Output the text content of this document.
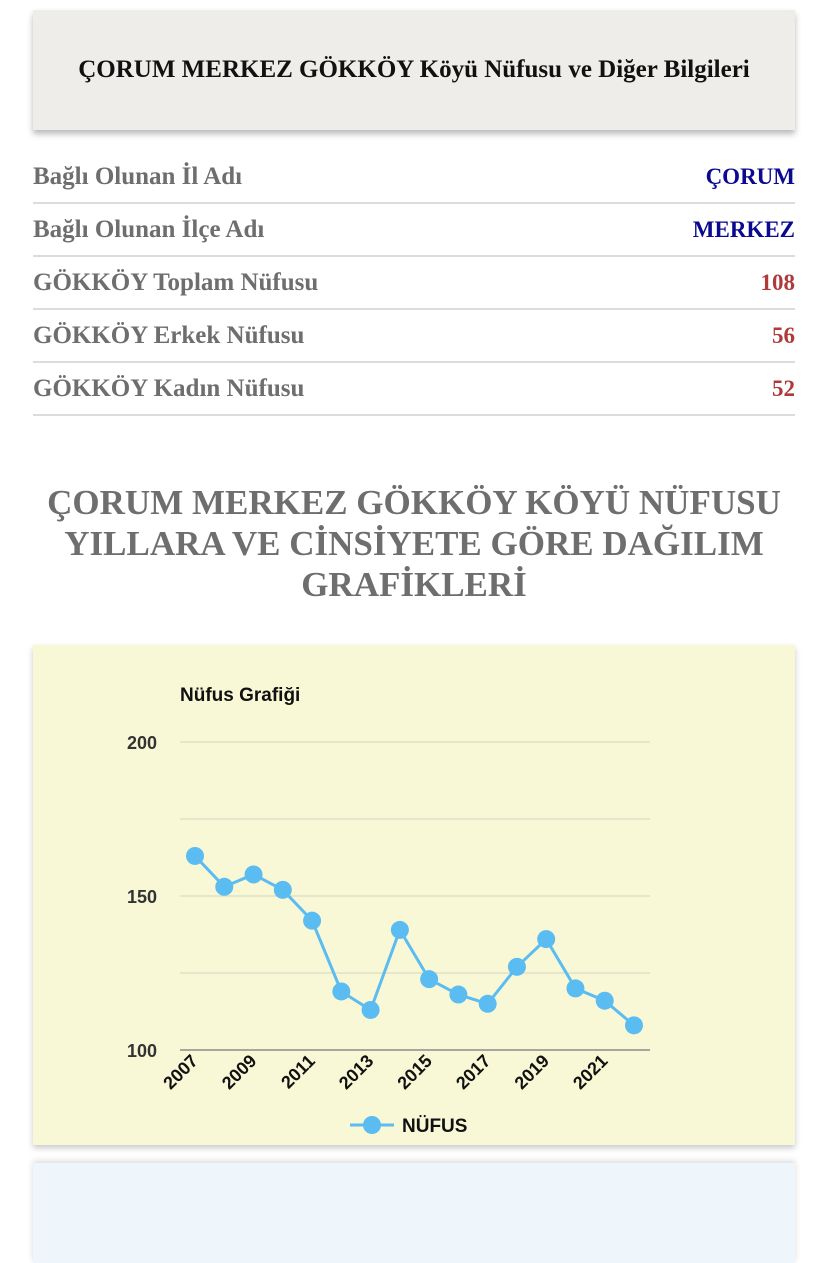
ÇORUM MERKEZ GÖKKÖY Köyü Nüfusu ve Diğer Bilgileri
Bağlı Olunan İl Adı	ÇORUM
Bağlı Olunan İlçe Adı	MERKEZ
GÖKKÖY Toplam Nüfusu	108
GÖKKÖY Erkek Nüfusu	56
GÖKKÖY Kadın Nüfusu	52
ÇORUM MERKEZ GÖKKÖY KÖYÜ NÜFUSU YILLARA VE CİNSİYETE GÖRE DAĞILIM GRAFİKLERİ
Nüfus Grafiği
200
150
100 2007 2009 2011 2013 2015 2017 2019 2021
NÜFUS
